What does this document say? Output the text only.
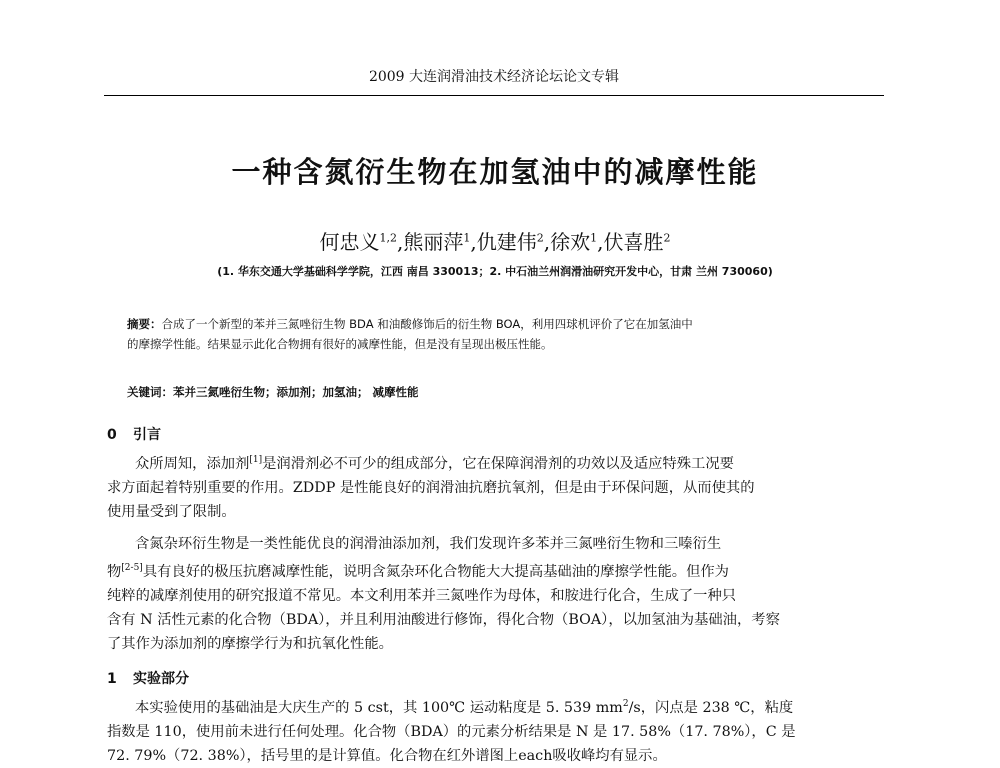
2009 大连润滑油技术经济论坛论文专辑
一种含氮衍生物在加氢油中的减摩性能
何忠义$^{1,2}$,熊丽萍$^1$,仇建伟$^2$,徐欢$^1$,伏喜胜$^2$
(1. 华东交通大学基础科学学院，江西 南昌 330013；2. 中石油兰州润滑油研究开发中心，甘肃 兰州 730060)
摘要：合成了一个新型的苯并三氮唑衍生物 BDA 和油酸修饰后的衍生物 BOA，利用四球机评价了它在加氢油中
的摩擦学性能。结果显示此化合物拥有很好的减摩性能，但是没有呈现出极压性能。
关键词：苯并三氮唑衍生物；添加剂；加氢油； 减摩性能
0 引言
众所周知，添加剂[1]是润滑剂必不可少的组成部分，它在保障润滑剂的功效以及适应特殊工况要
求方面起着特别重要的作用。ZDDP 是性能良好的润滑油抗磨抗氧剂，但是由于环保问题，从而使其的
使用量受到了限制。
含氮杂环衍生物是一类性能优良的润滑油添加剂，我们发现许多苯并三氮唑衍生物和三嗪衍生
物[2-5]具有良好的极压抗磨减摩性能，说明含氮杂环化合物能大大提高基础油的摩擦学性能。但作为
纯粹的减摩剂使用的研究报道不常见。本文利用苯并三氮唑作为母体，和胺进行化合，生成了一种只
含有 N 活性元素的化合物（BDA），并且利用油酸进行修饰，得化合物（BOA），以加氢油为基础油，考察
了其作为添加剂的摩擦学行为和抗氧化性能。
1 实验部分
本实验使用的基础油是大庆生产的 5 cst，其 100℃ 运动粘度是 5. 539 $mm^2/s$，闪点是 238 ℃，粘度
指数是 110，使用前未进行任何处理。化合物（BDA）的元素分析结果是 N 是 17. 58%（17. 78%），C 是
72. 79%（72. 38%），括号里的是计算值。化合物在红外谱图上each吸收峰均有显示。
